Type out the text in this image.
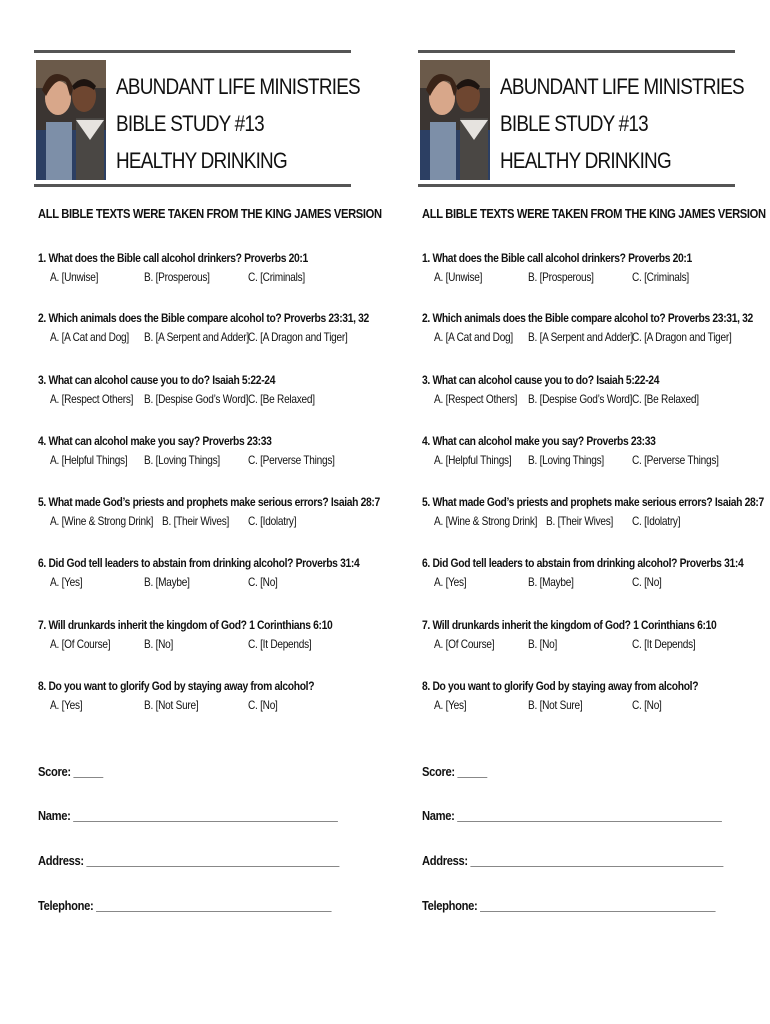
ABUNDANT LIFE MINISTRIES
BIBLE STUDY #13
HEALTHY DRINKING
ALL BIBLE TEXTS WERE TAKEN FROM THE KING JAMES VERSION
1. What does the Bible call alcohol drinkers? Proverbs 20:1
A. [Unwise]	B. [Prosperous]	C. [Criminals]
2. Which animals does the Bible compare alcohol to? Proverbs 23:31, 32
A. [A Cat and Dog] B. [A Serpent and Adder] C. [A Dragon and Tiger]
3. What can alcohol cause you to do? Isaiah 5:22-24
A. [Respect Others] B. [Despise God’s Word] C. [Be Relaxed]
4. What can alcohol make you say? Proverbs 23:33
A. [Helpful Things] B. [Loving Things] C. [Perverse Things]
5. What made God’s priests and prophets make serious errors? Isaiah 28:7
A. [Wine & Strong Drink] B. [Their Wives] C. [Idolatry]
6. Did God tell leaders to abstain from drinking alcohol? Proverbs 31:4
A. [Yes]	B. [Maybe]	C. [No]
7. Will drunkards inherit the kingdom of God? 1 Corinthians 6:10
A. [Of Course]	B. [No]	C. [It Depends]
8. Do you want to glorify God by staying away from alcohol?
A. [Yes]	B. [Not Sure]	C. [No]
Score: _____
Name: _____________________________________________
Address: ___________________________________________
Telephone: ________________________________________
ABUNDANT LIFE MINISTRIES
BIBLE STUDY #13
HEALTHY DRINKING
ALL BIBLE TEXTS WERE TAKEN FROM THE KING JAMES VERSION
1. What does the Bible call alcohol drinkers? Proverbs 20:1
A. [Unwise]	B. [Prosperous]	C. [Criminals]
2. Which animals does the Bible compare alcohol to? Proverbs 23:31, 32
A. [A Cat and Dog] B. [A Serpent and Adder] C. [A Dragon and Tiger]
3. What can alcohol cause you to do? Isaiah 5:22-24
A. [Respect Others] B. [Despise God’s Word] C. [Be Relaxed]
4. What can alcohol make you say? Proverbs 23:33
A. [Helpful Things] B. [Loving Things] C. [Perverse Things]
5. What made God’s priests and prophets make serious errors? Isaiah 28:7
A. [Wine & Strong Drink] B. [Their Wives] C. [Idolatry]
6. Did God tell leaders to abstain from drinking alcohol? Proverbs 31:4
A. [Yes]	B. [Maybe]	C. [No]
7. Will drunkards inherit the kingdom of God? 1 Corinthians 6:10
A. [Of Course]	B. [No]	C. [It Depends]
8. Do you want to glorify God by staying away from alcohol?
A. [Yes]	B. [Not Sure]	C. [No]
Score: _____
Name: _____________________________________________
Address: ___________________________________________
Telephone: ________________________________________
